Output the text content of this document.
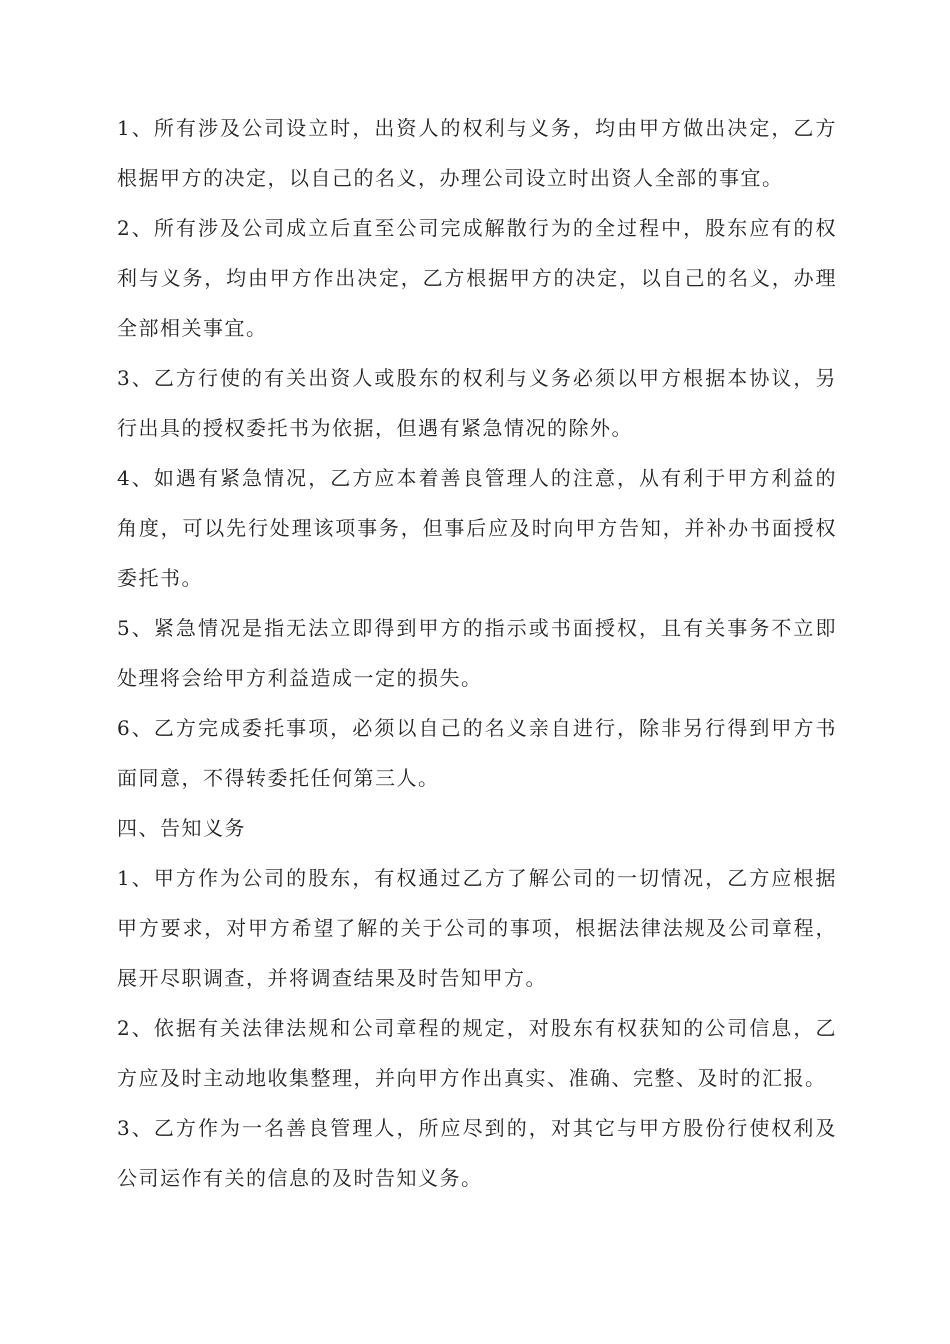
1、所有涉及公司设立时，出资人的权利与义务，均由甲方做出决定，乙方根据甲方的决定，以自己的名义，办理公司设立时出资人全部的事宜。

2、所有涉及公司成立后直至公司完成解散行为的全过程中，股东应有的权利与义务，均由甲方作出决定，乙方根据甲方的决定，以自己的名义，办理全部相关事宜。

3、乙方行使的有关出资人或股东的权利与义务必须以甲方根据本协议，另行出具的授权委托书为依据，但遇有紧急情况的除外。

4、如遇有紧急情况，乙方应本着善良管理人的注意，从有利于甲方利益的角度，可以先行处理该项事务，但事后应及时向甲方告知，并补办书面授权委托书。

5、紧急情况是指无法立即得到甲方的指示或书面授权，且有关事务不立即处理将会给甲方利益造成一定的损失。

6、乙方完成委托事项，必须以自己的名义亲自进行，除非另行得到甲方书面同意，不得转委托任何第三人。

四、告知义务

1、甲方作为公司的股东，有权通过乙方了解公司的一切情况，乙方应根据甲方要求，对甲方希望了解的关于公司的事项，根据法律法规及公司章程，展开尽职调查，并将调查结果及时告知甲方。

2、依据有关法律法规和公司章程的规定，对股东有权获知的公司信息，乙方应及时主动地收集整理，并向甲方作出真实、准确、完整、及时的汇报。

3、乙方作为一名善良管理人，所应尽到的，对其它与甲方股份行使权利及公司运作有关的信息的及时告知义务。
